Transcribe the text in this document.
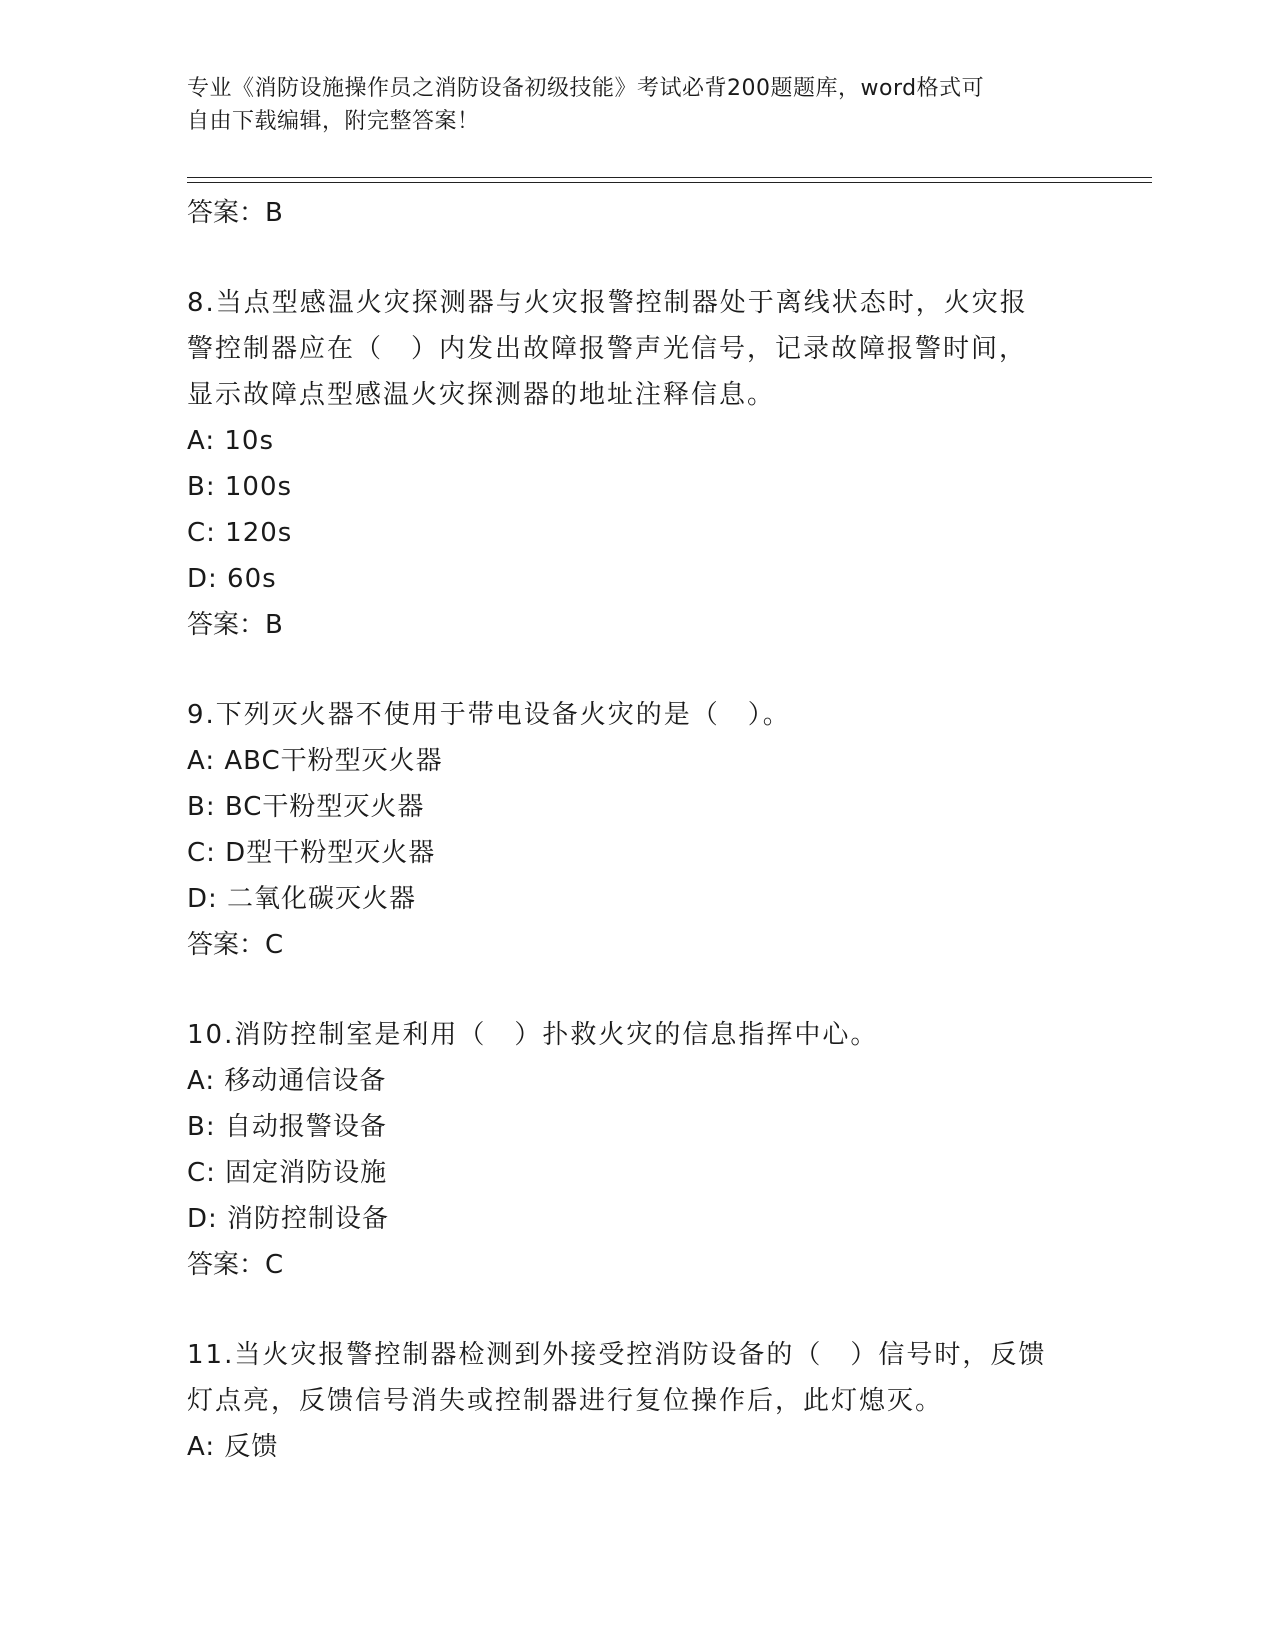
专业《消防设施操作员之消防设备初级技能》考试必背200题题库，word格式可
自由下载编辑，附完整答案！
答案：B
8.当点型感温火灾探测器与火灾报警控制器处于离线状态时，火灾报
警控制器应在（　）内发出故障报警声光信号，记录故障报警时间，
显示故障点型感温火灾探测器的地址注释信息。
A: 10s
B: 100s
C: 120s
D: 60s
答案：B
9.下列灭火器不使用于带电设备火灾的是（　）。
A: ABC干粉型灭火器
B: BC干粉型灭火器
C: D型干粉型灭火器
D: 二氧化碳灭火器
答案：C
10.消防控制室是利用（　）扑救火灾的信息指挥中心。
A: 移动通信设备
B: 自动报警设备
C: 固定消防设施
D: 消防控制设备
答案：C
11.当火灾报警控制器检测到外接受控消防设备的（　）信号时，反馈
灯点亮，反馈信号消失或控制器进行复位操作后，此灯熄灭。
A: 反馈
